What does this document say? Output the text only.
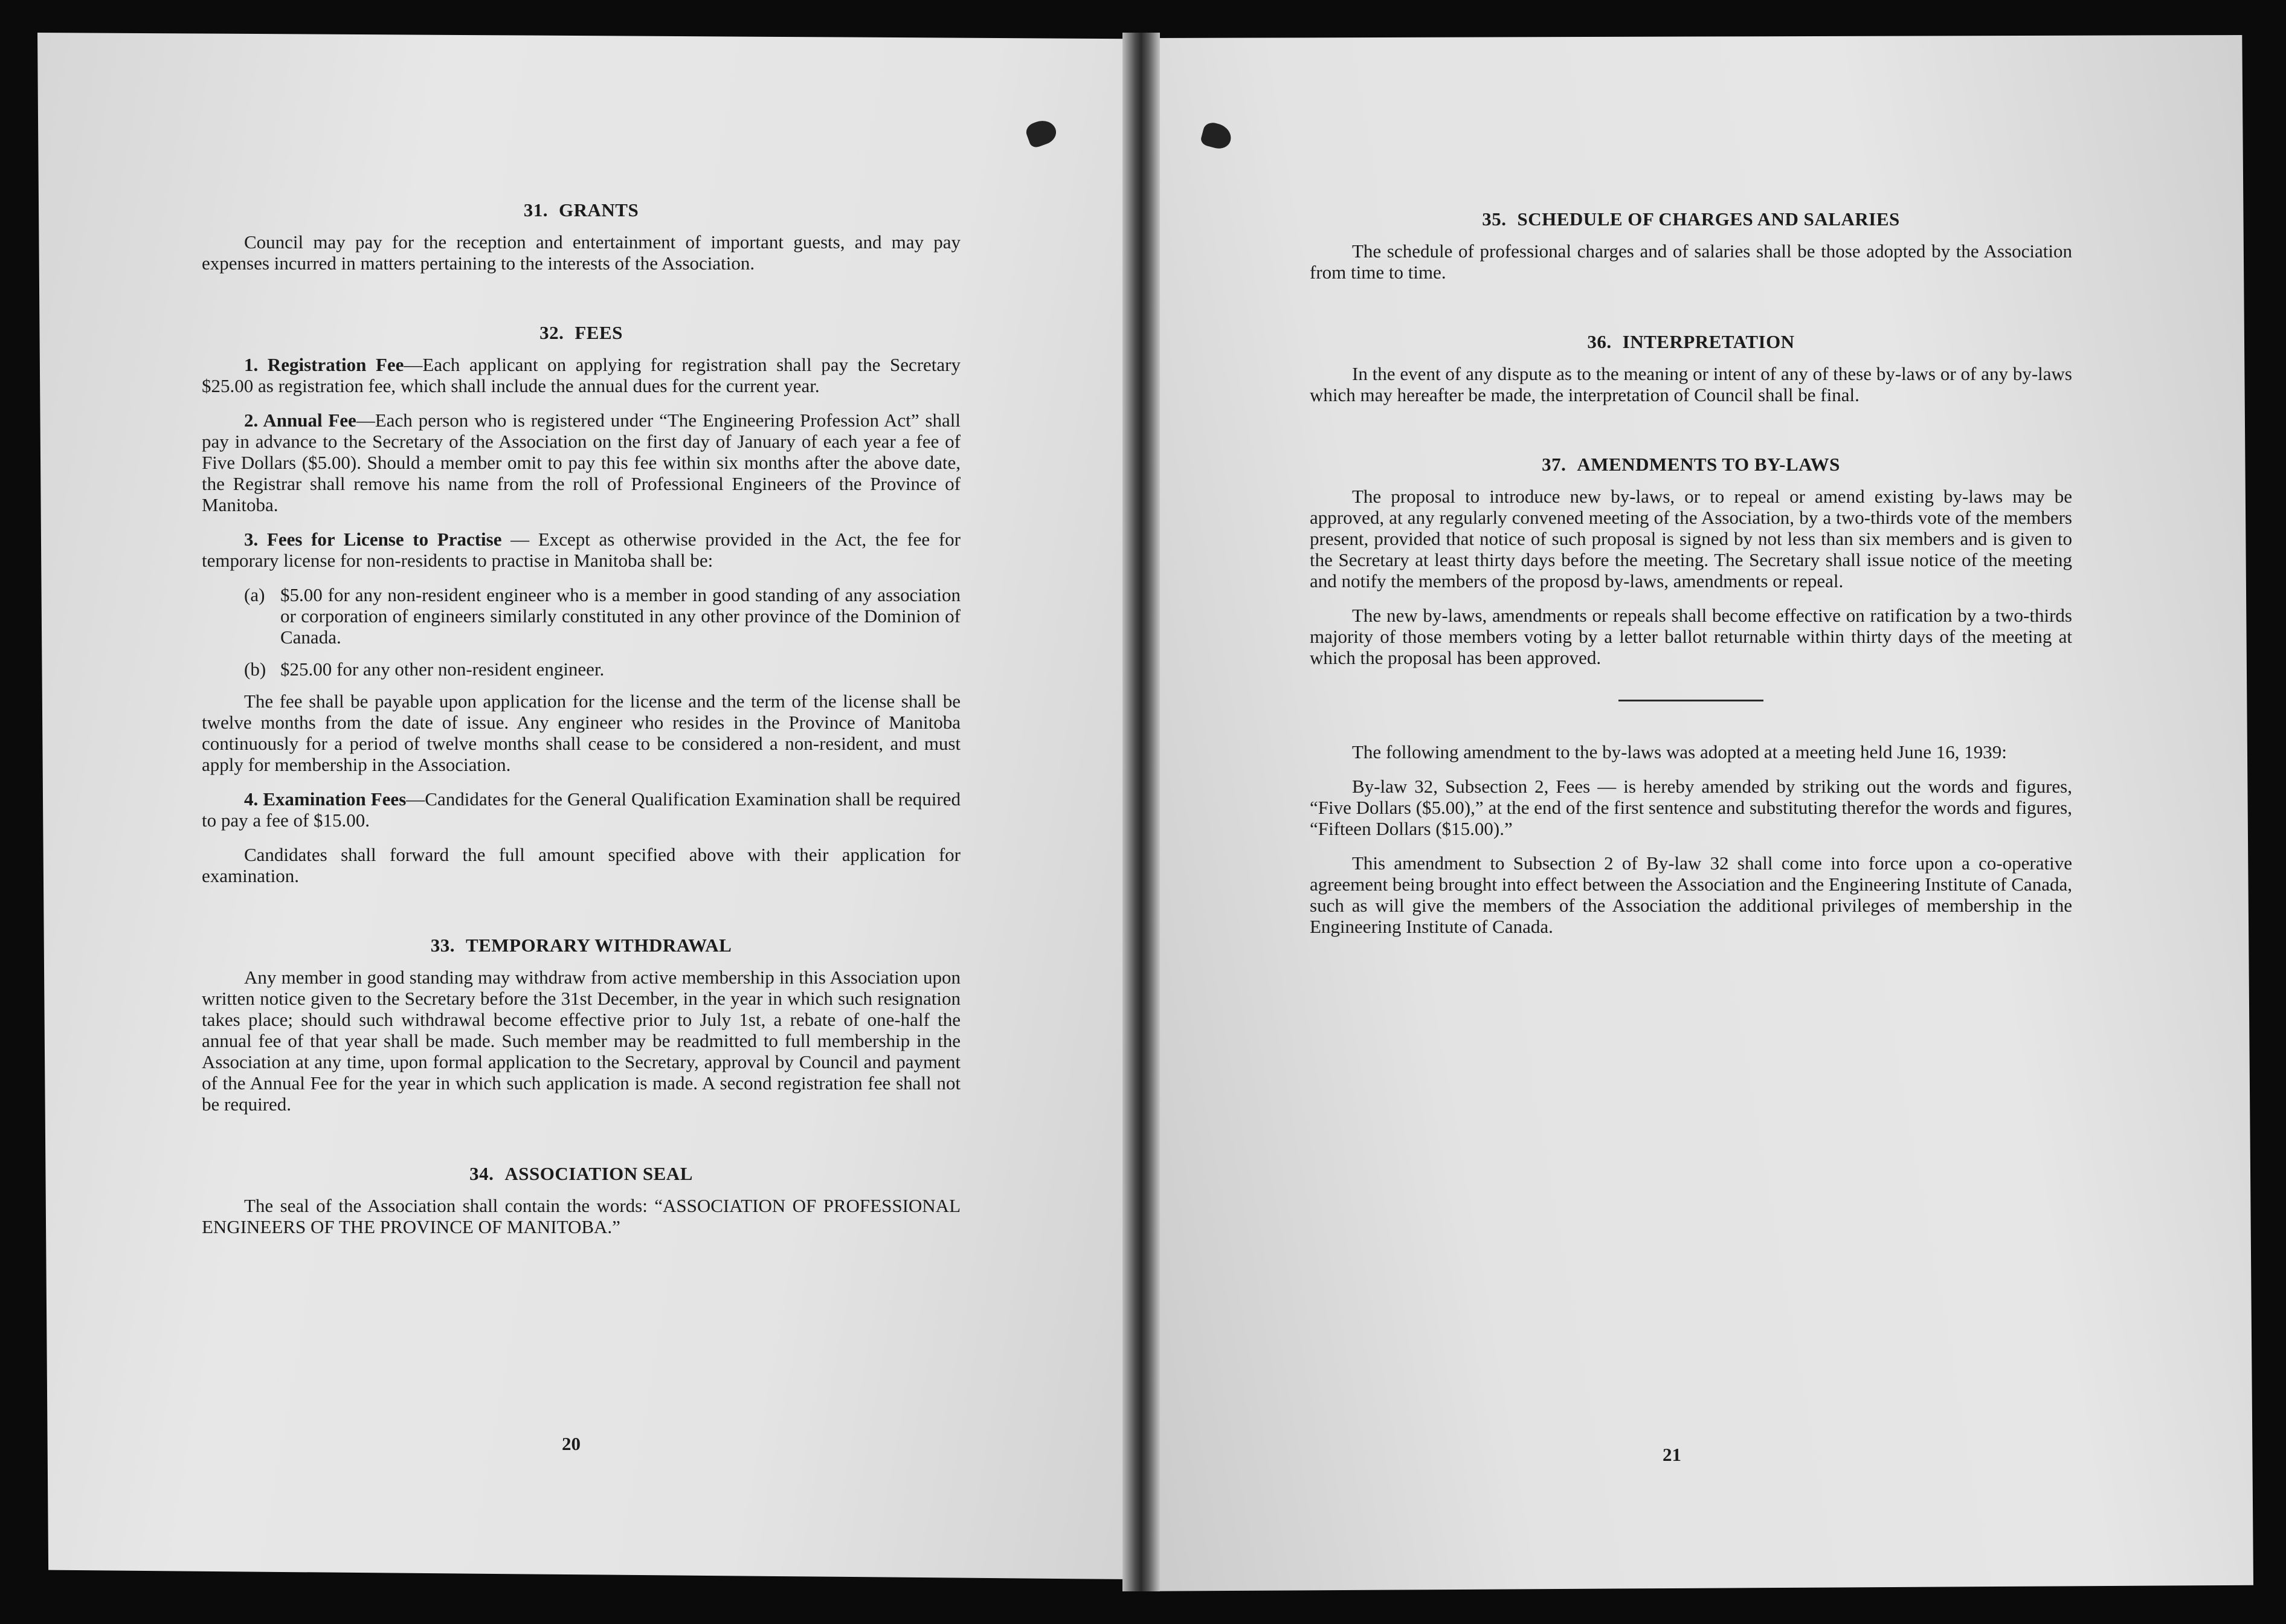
31. GRANTS

Council may pay for the reception and entertainment of important guests, and may pay expenses incurred in matters pertaining to the interests of the Association.

32. FEES

1. Registration Fee—Each applicant on applying for registration shall pay the Secretary $25.00 as registration fee, which shall include the annual dues for the current year.

2. Annual Fee—Each person who is registered under “The Engineering Profession Act” shall pay in advance to the Secretary of the Association on the first day of January of each year a fee of Five Dollars ($5.00). Should a member omit to pay this fee within six months after the above date, the Registrar shall remove his name from the roll of Professional Engineers of the Province of Manitoba.

3. Fees for License to Practise — Except as otherwise provided in the Act, the fee for temporary license for non-residents to practise in Manitoba shall be:

(a) $5.00 for any non-resident engineer who is a member in good standing of any association or corporation of engineers similarly constituted in any other province of the Dominion of Canada.
(b) $25.00 for any other non-resident engineer.

The fee shall be payable upon application for the license and the term of the license shall be twelve months from the date of issue. Any engineer who resides in the Province of Manitoba continuously for a period of twelve months shall cease to be considered a non-resident, and must apply for membership in the Association.

4. Examination Fees—Candidates for the General Qualification Examination shall be required to pay a fee of $15.00.

Candidates shall forward the full amount specified above with their application for examination.

33. TEMPORARY WITHDRAWAL

Any member in good standing may withdraw from active membership in this Association upon written notice given to the Secretary before the 31st December, in the year in which such resignation takes place; should such withdrawal become effective prior to July 1st, a rebate of one-half the annual fee of that year shall be made. Such member may be readmitted to full membership in the Association at any time, upon formal application to the Secretary, approval by Council and payment of the Annual Fee for the year in which such application is made. A second registration fee shall not be required.

34. ASSOCIATION SEAL

The seal of the Association shall contain the words: “ASSOCIATION OF PROFESSIONAL ENGINEERS OF THE PROVINCE OF MANITOBA.”

20
35. SCHEDULE OF CHARGES AND SALARIES

The schedule of professional charges and of salaries shall be those adopted by the Association from time to time.

36. INTERPRETATION

In the event of any dispute as to the meaning or intent of any of these by-laws or of any by-laws which may hereafter be made, the interpretation of Council shall be final.

37. AMENDMENTS TO BY-LAWS

The proposal to introduce new by-laws, or to repeal or amend existing by-laws may be approved, at any regularly convened meeting of the Association, by a two-thirds vote of the members present, provided that notice of such proposal is signed by not less than six members and is given to the Secretary at least thirty days before the meeting. The Secretary shall issue notice of the meeting and notify the members of the proposd by-laws, amendments or repeal.

The new by-laws, amendments or repeals shall become effective on ratification by a two-thirds majority of those members voting by a letter ballot returnable within thirty days of the meeting at which the proposal has been approved.

The following amendment to the by-laws was adopted at a meeting held June 16, 1939:

By-law 32, Subsection 2, Fees — is hereby amended by striking out the words and figures, “Five Dollars ($5.00),” at the end of the first sentence and substituting therefor the words and figures, “Fifteen Dollars ($15.00).”

This amendment to Subsection 2 of By-law 32 shall come into force upon a co-operative agreement being brought into effect between the Association and the Engineering Institute of Canada, such as will give the members of the Association the additional privileges of membership in the Engineering Institute of Canada.

21
